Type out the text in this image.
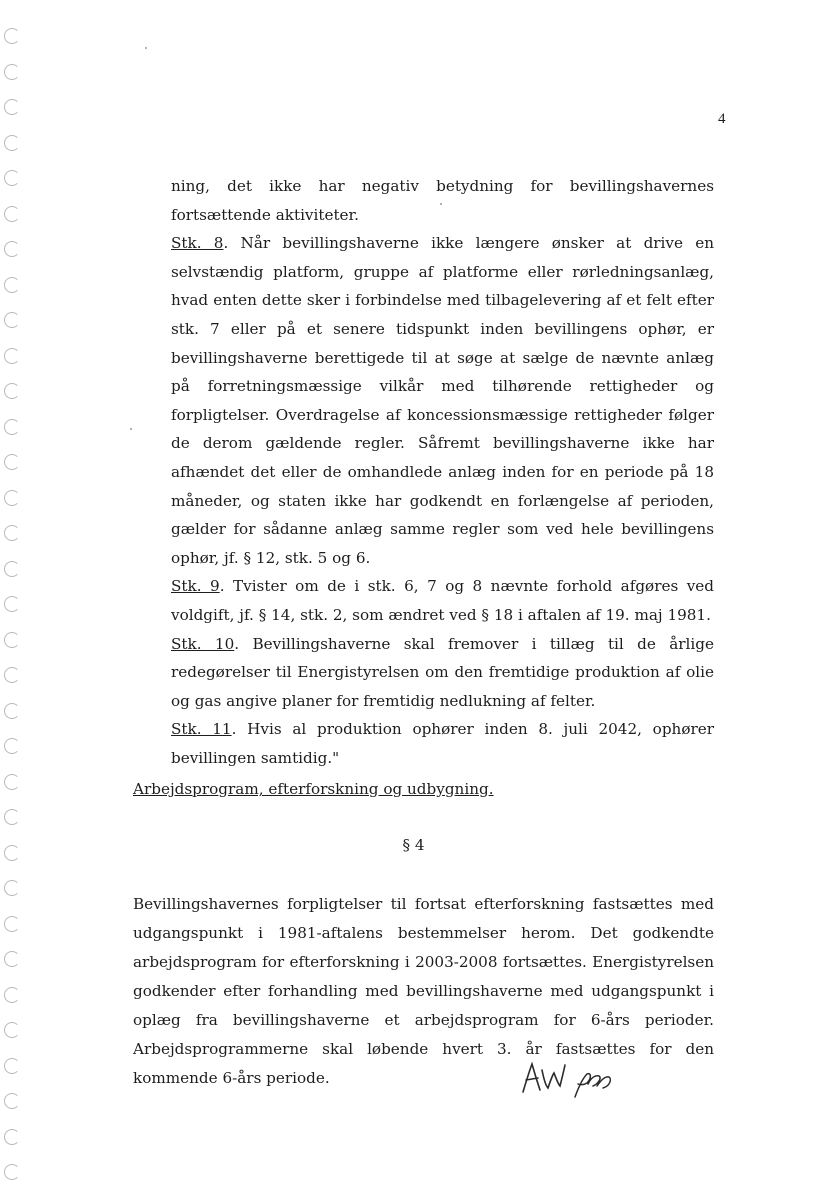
4

ning, det ikke har negativ betydning for bevillingshavernes fortsættende aktiviteter.

Stk. 8. Når bevillingshaverne ikke længere ønsker at drive en selvstændig platform, gruppe af platforme eller rørledningsanlæg, hvad enten dette sker i forbindelse med tilbagelevering af et felt efter stk. 7 eller på et senere tidspunkt inden bevillingens ophør, er bevillingshaverne berettigede til at søge at sælge de nævnte anlæg på forretningsmæssige vilkår med tilhørende rettigheder og forpligtelser. Overdragelse af koncessionsmæssige rettigheder følger de derom gældende regler. Såfremt bevillingshaverne ikke har afhændet det eller de omhandlede anlæg inden for en periode på 18 måneder, og staten ikke har godkendt en forlængelse af perioden, gælder for sådanne anlæg samme regler som ved hele bevillingens ophør, jf. § 12, stk. 5 og 6.

Stk. 9. Tvister om de i stk. 6, 7 og 8 nævnte forhold afgøres ved voldgift, jf. § 14, stk. 2, som ændret ved § 18 i aftalen af 19. maj 1981.

Stk. 10. Bevillingshaverne skal fremover i tillæg til de årlige redegørelser til Energistyrelsen om den fremtidige produktion af olie og gas angive planer for fremtidig nedlukning af felter.

Stk. 11. Hvis al produktion ophører inden 8. juli 2042, ophører bevillingen samtidig."

Arbejdsprogram, efterforskning og udbygning.
§ 4

Bevillingshavernes forpligtelser til fortsat efterforskning fastsættes med udgangspunkt i 1981-aftalens bestemmelser herom. Det godkendte arbejdsprogram for efterforskning i 2003-2008 fortsættes. Energistyrelsen godkender efter forhandling med bevillingshaverne med udgangspunkt i oplæg fra bevillingshaverne et arbejdsprogram for 6-års perioder. Arbejdsprogrammerne skal løbende hvert 3. år fastsættes for den kommende 6-års periode.
